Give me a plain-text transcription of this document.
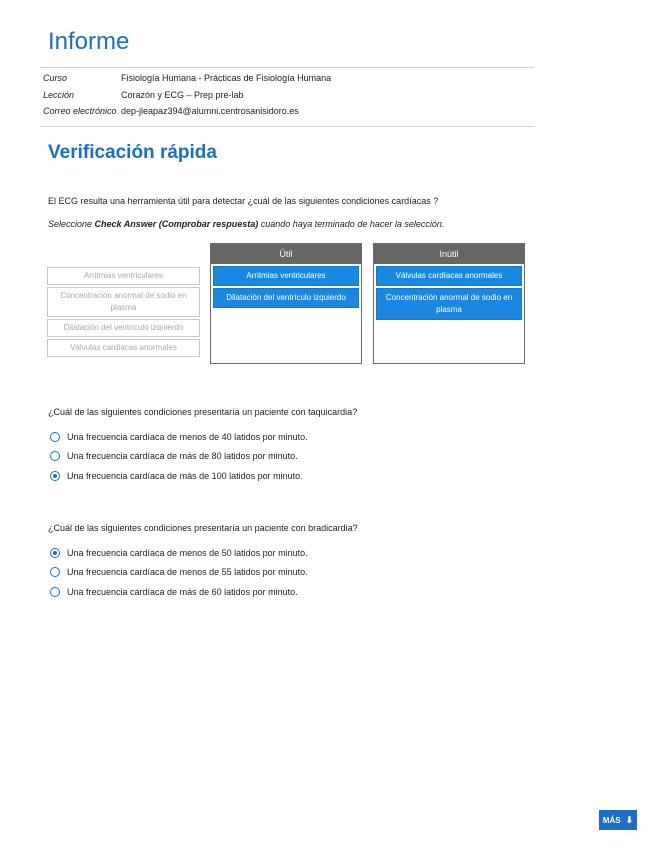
Informe
Curso	Fisiología Humana - Prácticas de Fisiología Humana
Lección	Corazón y ECG – Prep pre-lab
Correo electrónico dep-jleapaz394@alumni.centrosanisidoro.es
Verificación rápida
El ECG resulta una herramienta útil para detectar ¿cuál de las siguientes condiciones cardíacas ?
Seleccione Check Answer (Comprobar respuesta) cuando haya terminado de hacer la selección.
Arritmias ventriculares
Concentración anormal de sodio en plasma
Dilatación del ventrículo izquierdo
Válvulas cardíacas anormales
Útil
Arritmias ventriculares
Dilatación del ventrículo izquierdo
Inútil
Válvulas cardíacas anormales
Concentración anormal de sodio en plasma
¿Cuál de las siguientes condiciones presentaría un paciente con taquicardia?
Una frecuencia cardíaca de menos de 40 latidos por minuto.
Una frecuencia cardíaca de más de 80 latidos por minuto.
Una frecuencia cardíaca de más de 100 latidos por minuto.
¿Cuál de las siguientes condiciones presentaría un paciente con bradicardia?
Una frecuencia cardíaca de menos de 50 latidos por minuto.
Una frecuencia cardíaca de menos de 55 latidos por minuto.
Una frecuencia cardíaca de más de 60 latidos por minuto.
MÁS ⬇
